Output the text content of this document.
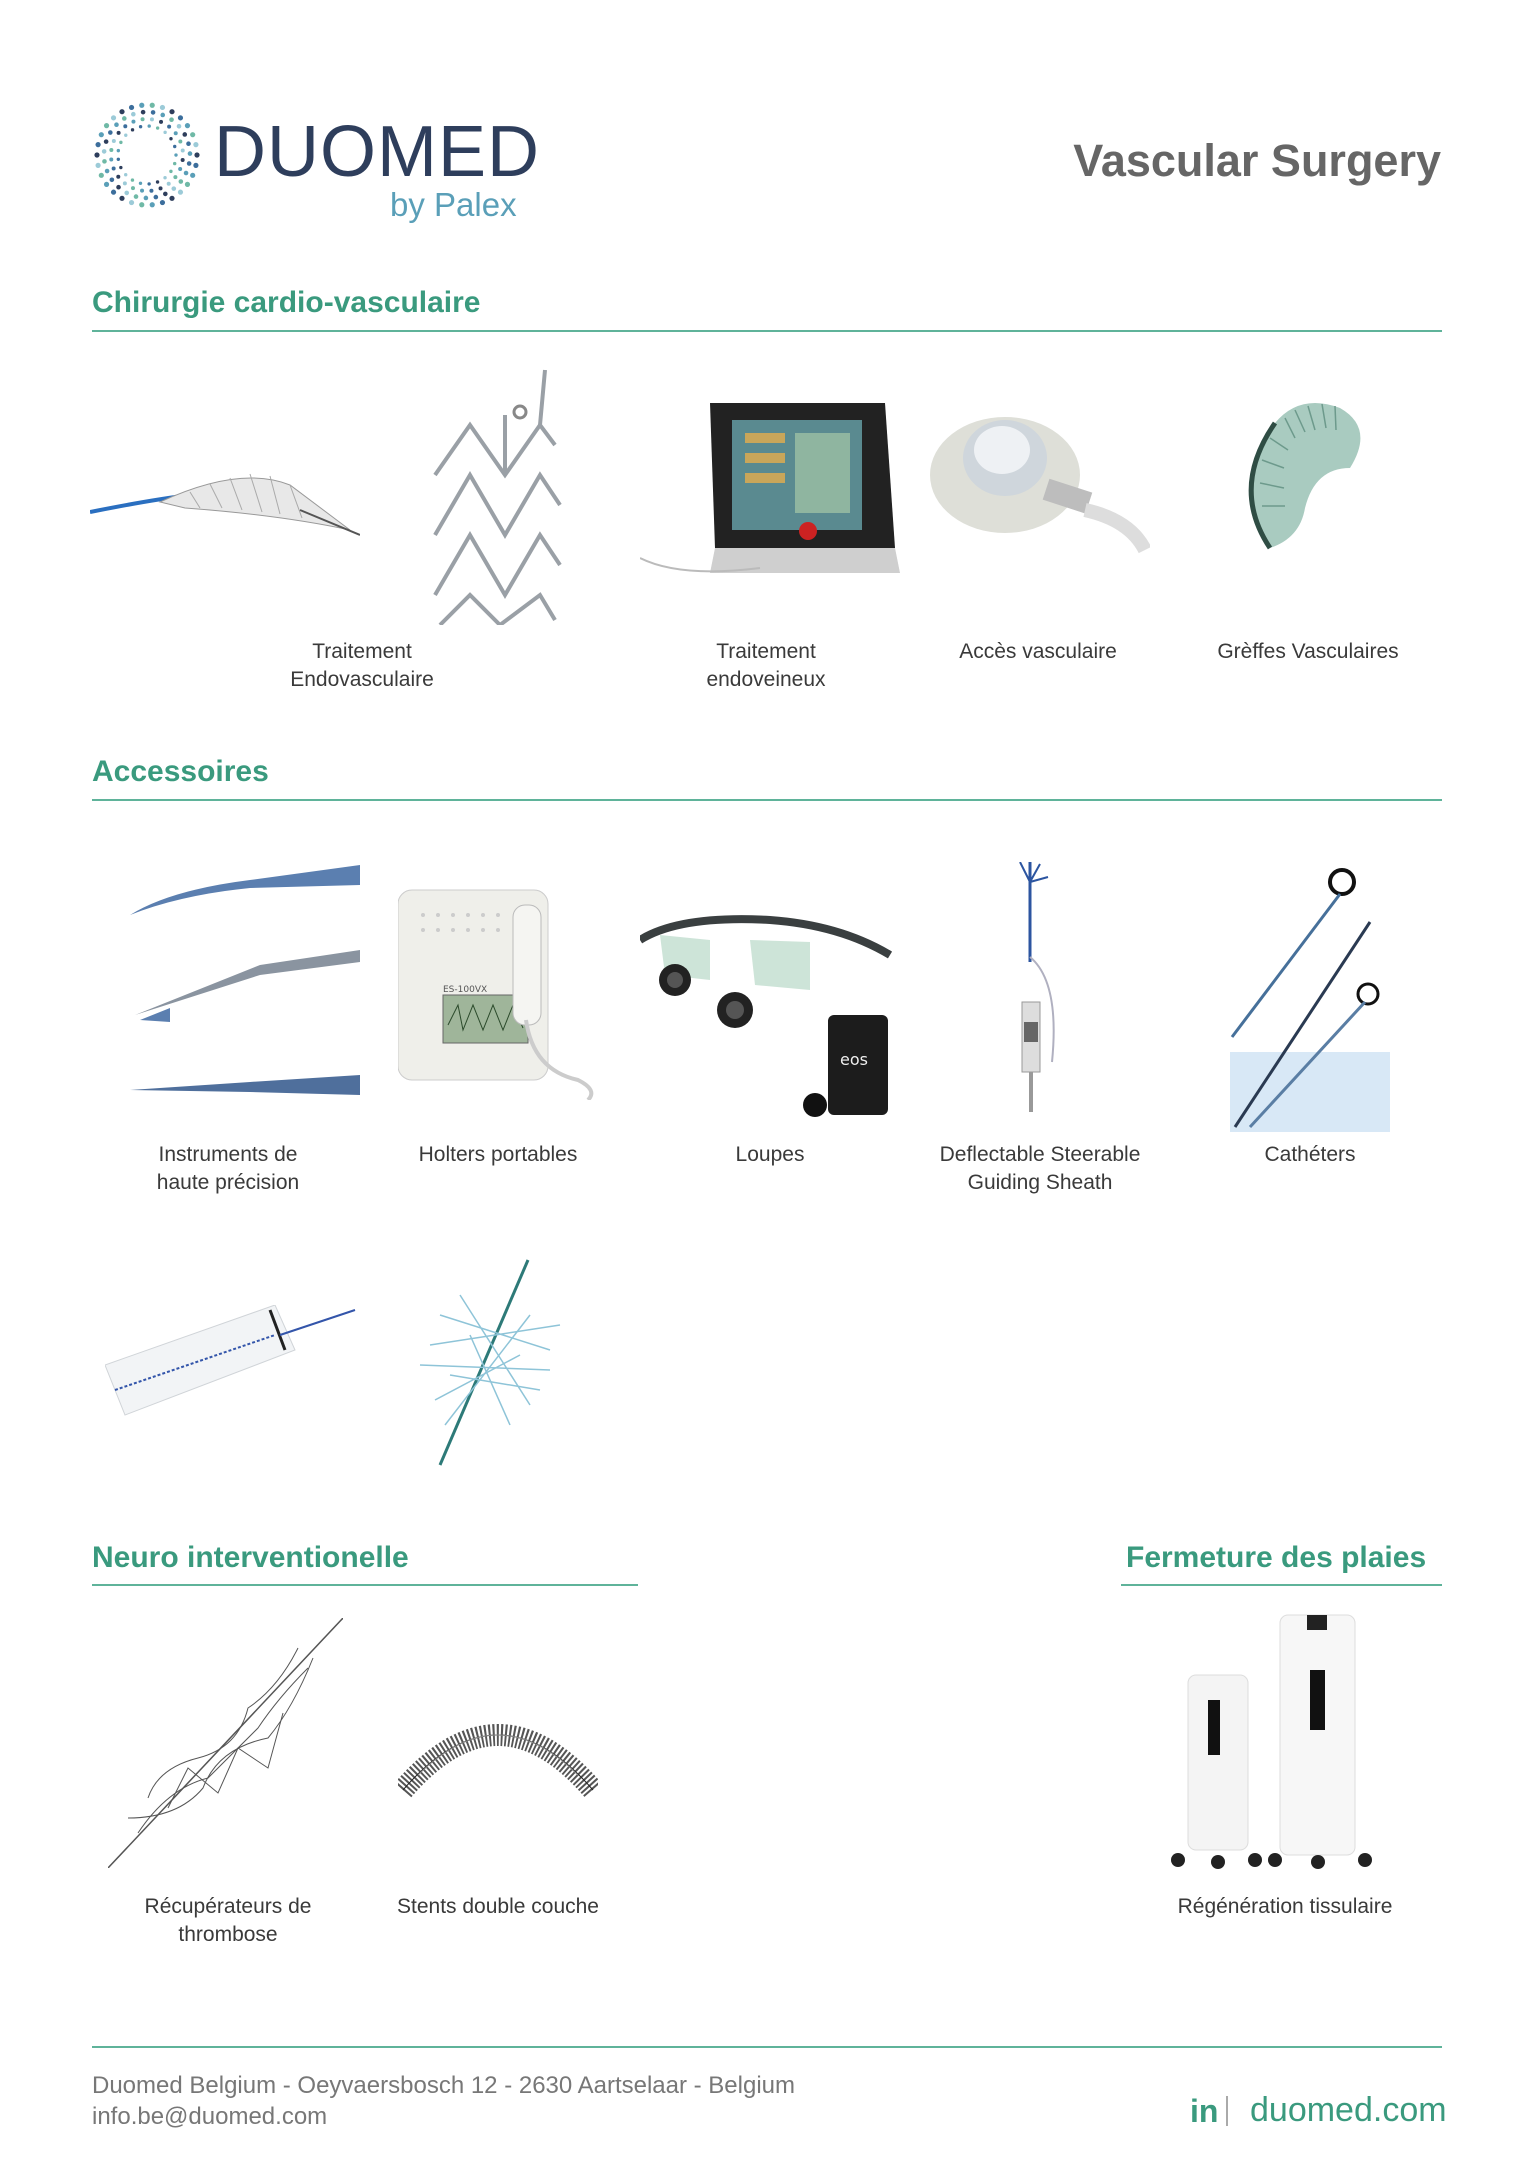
DUOMED
by Palex
Vascular Surgery
Chirurgie cardio-vasculaire
Traitement
Endovasculaire
Traitement
endoveineux
Accès vasculaire	Grèffes Vasculaires
Accessoires
ES-100VX
eos
Instruments de
haute précision
Holters portables	Loupes	Deflectable Steerable
Guiding Sheath
Cathéters
Neuro interventionelle	Fermeture des plaies
Récupérateurs de thrombose
Stents double couche	Régénération tissulaire
Duomed Belgium - Oeyvaersbosch 12 - 2630 Aartselaar - Belgium
info.be@duomed.com	in duomed.com
